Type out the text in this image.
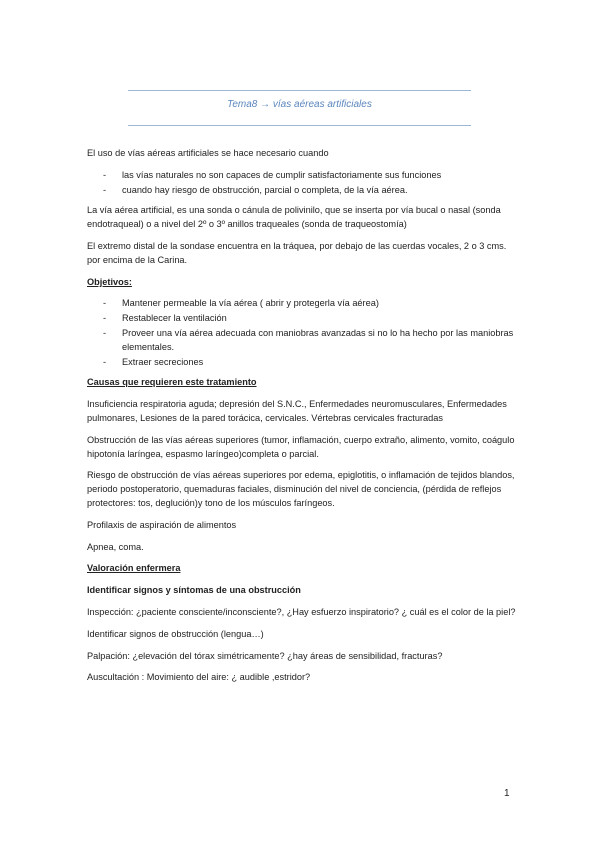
Tema8 → vías aéreas artificiales

El uso de vías aéreas artificiales se hace necesario cuando

- las vías naturales no son capaces de cumplir satisfactoriamente sus funciones
- cuando hay riesgo de obstrucción, parcial o completa, de la vía aérea.

La vía aérea artificial, es una sonda o cánula de polivinilo, que se inserta por vía bucal o nasal (sonda endotraqueal) o a nivel del 2º o 3º anillos traqueales (sonda de traqueostomía)

El extremo distal de la sondase encuentra en la tráquea, por debajo de las cuerdas vocales, 2 o 3 cms. por encima de la Carina.

Objetivos:

- Mantener permeable la vía aérea ( abrir y protegerla vía aérea)
- Restablecer la ventilación
- Proveer una vía aérea adecuada con maniobras avanzadas si no lo ha hecho por las maniobras elementales.
- Extraer secreciones

Causas que requieren este tratamiento

Insuficiencia respiratoria aguda; depresión del S.N.C., Enfermedades neuromusculares, Enfermedades pulmonares, Lesiones de la pared torácica, cervicales. Vértebras cervicales fracturadas

Obstrucción de las vías aéreas superiores (tumor, inflamación, cuerpo extraño, alimento, vomito, coágulo hipotonía laríngea, espasmo laríngeo)completa o parcial.

Riesgo de obstrucción de vías aéreas superiores por edema, epiglotitis, o inflamación de tejidos blandos, periodo postoperatorio, quemaduras faciales, disminución del nivel de conciencia, (pérdida de reflejos protectores: tos, deglución)y tono de los músculos faríngeos.

Profilaxis de aspiración de alimentos

Apnea, coma.

Valoración enfermera

Identificar signos y síntomas de una obstrucción

Inspección: ¿paciente consciente/inconsciente?, ¿Hay esfuerzo inspiratorio? ¿ cuál es el color de la piel?

Identificar signos de obstrucción (lengua…)

Palpación: ¿elevación del tórax simétricamente? ¿hay áreas de sensibilidad, fracturas?

Auscultación : Movimiento del aire: ¿ audible ,estridor?

1
